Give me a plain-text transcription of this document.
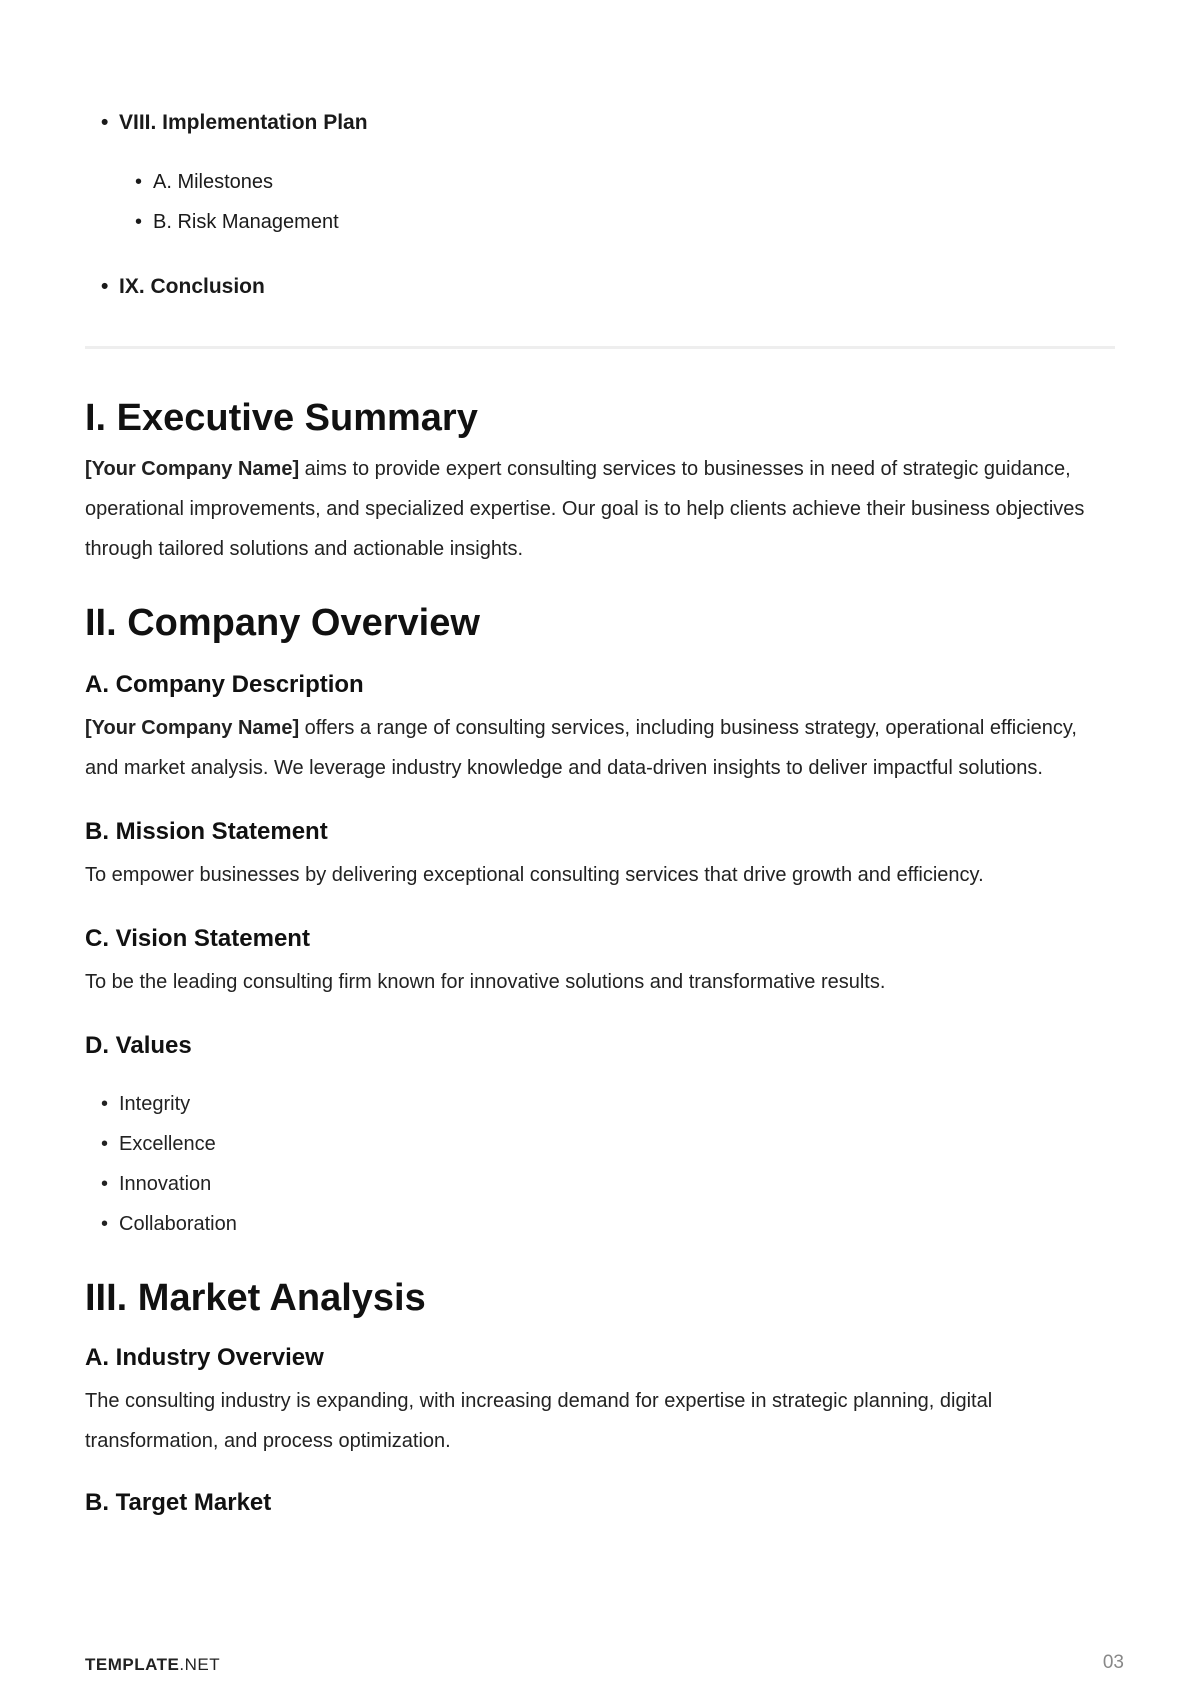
• VIII. Implementation Plan
• A. Milestones
• B. Risk Management
• IX. Conclusion
I. Executive Summary

[Your Company Name] aims to provide expert consulting services to businesses in need of strategic guidance, operational improvements, and specialized expertise. Our goal is to help clients achieve their business objectives through tailored solutions and actionable insights.

II. Company Overview
A. Company Description

[Your Company Name] offers a range of consulting services, including business strategy, operational efficiency, and market analysis. We leverage industry knowledge and data-driven insights to deliver impactful solutions.

B. Mission Statement

To empower businesses by delivering exceptional consulting services that drive growth and efficiency.

C. Vision Statement

To be the leading consulting firm known for innovative solutions and transformative results.

D. Values
• Integrity
• Excellence
• Innovation
• Collaboration
III. Market Analysis
A. Industry Overview

The consulting industry is expanding, with increasing demand for expertise in strategic planning, digital transformation, and process optimization.

B. Target Market
TEMPLATE.NET	03
